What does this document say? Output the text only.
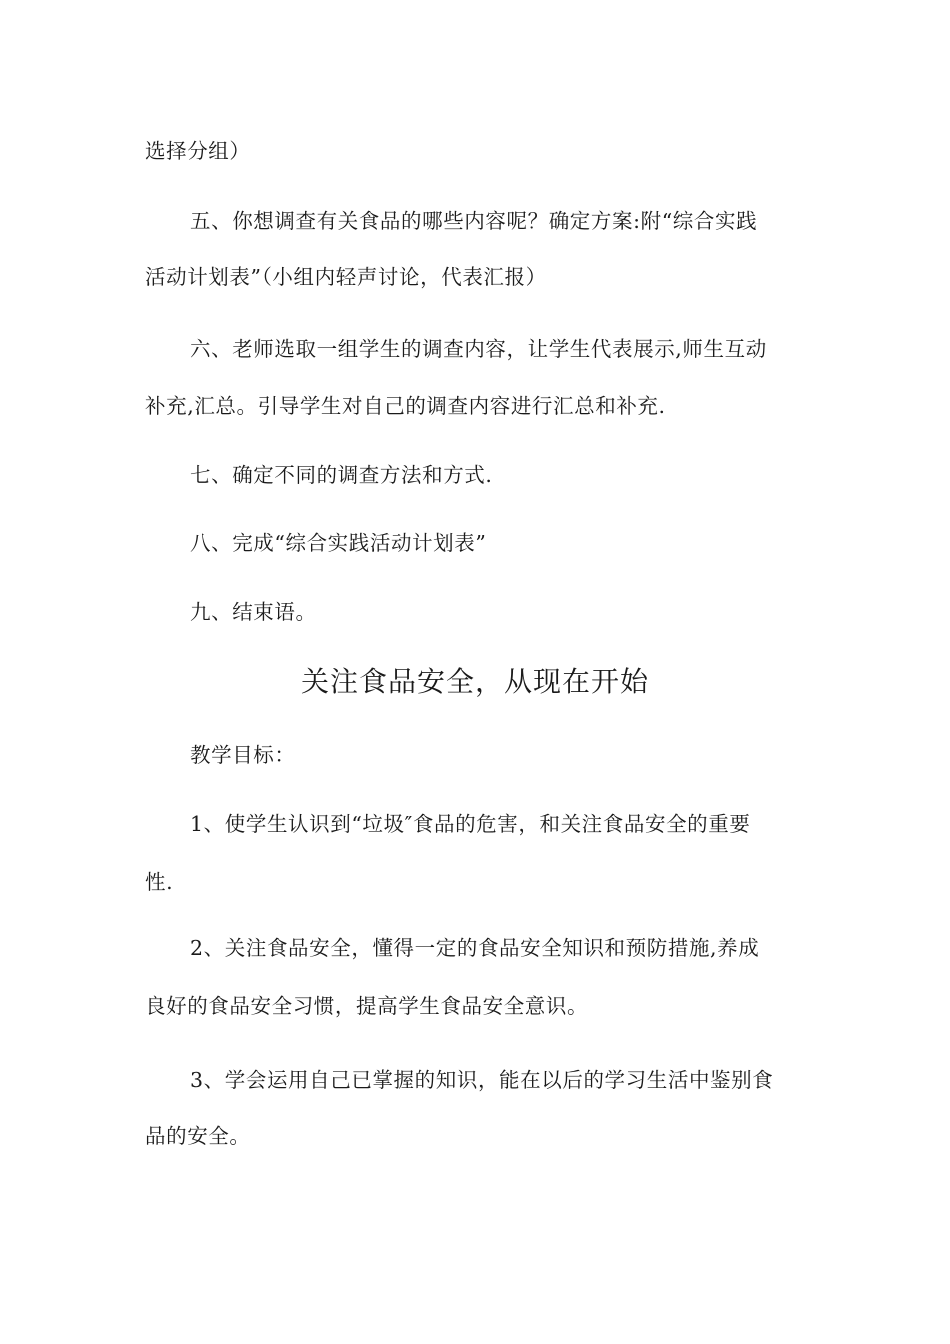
选择分组）
五、你想调查有关食品的哪些内容呢？确定方案:附“综合实践
活动计划表”（小组内轻声讨论，代表汇报）
六、老师选取一组学生的调查内容，让学生代表展示,师生互动
补充,汇总。引导学生对自己的调查内容进行汇总和补充.
七、确定不同的调查方法和方式.
八、完成“综合实践活动计划表”
九、结束语。
关注食品安全，从现在开始
教学目标：
1、使学生认识到“垃圾″食品的危害，和关注食品安全的重要
性.
2、关注食品安全，懂得一定的食品安全知识和预防措施,养成
良好的食品安全习惯，提高学生食品安全意识。
3、学会运用自己已掌握的知识，能在以后的学习生活中鉴别食
品的安全。
